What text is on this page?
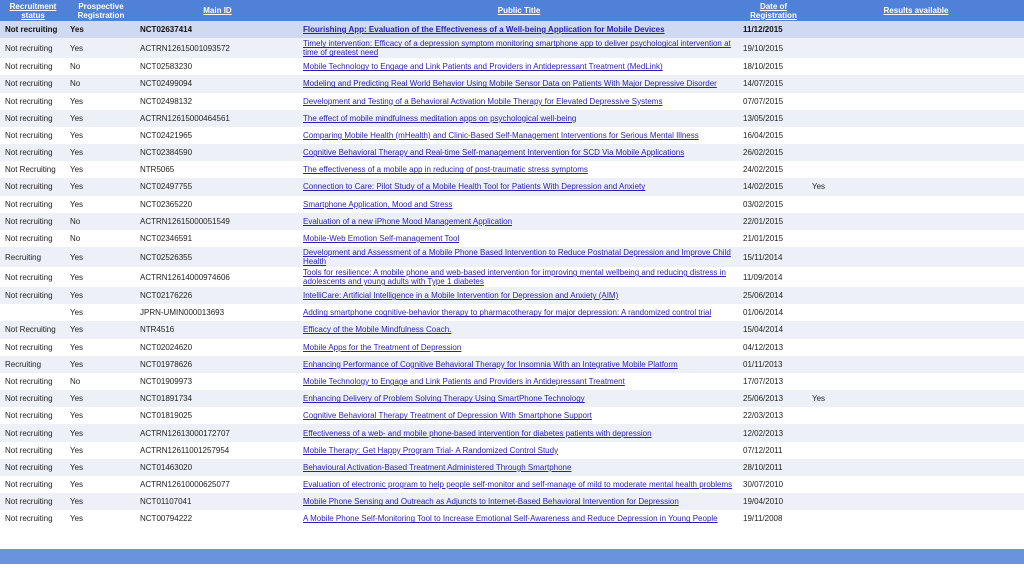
Recruitment status	Prospective Registration	Main ID	Public Title	Date of Registration	Results available
Not recruiting	Yes	NCT02637414	Flourishing App: Evaluation of the Effectiveness of a Well-being Application for Mobile Devices	11/12/2015	
Not recruiting	Yes	ACTRN12615001093572	Timely intervention: Efficacy of a depression symptom monitoring smartphone app to deliver psychological intervention at time of greatest need	19/10/2015	
Not recruiting	No	NCT02583230	Mobile Technology to Engage and Link Patients and Providers in Antidepressant Treatment (MedLink)	18/10/2015	
Not recruiting	No	NCT02499094	Modeling and Predicting Real World Behavior Using Mobile Sensor Data on Patients With Major Depressive Disorder	14/07/2015	
Not recruiting	Yes	NCT02498132	Development and Testing of a Behavioral Activation Mobile Therapy for Elevated Depressive Systems	07/07/2015	
Not recruiting	Yes	ACTRN12615000464561	The effect of mobile mindfulness meditation apps on psychological well-being	13/05/2015	
Not recruiting	Yes	NCT02421965	Comparing Mobile Health (mHealth) and Clinic-Based Self-Management Interventions for Serious Mental Illness	16/04/2015	
Not recruiting	Yes	NCT02384590	Cognitive Behavioral Therapy and Real-time Self-management Intervention for SCD Via Mobile Applications	26/02/2015	
Not Recruiting	Yes	NTR5065	The effectiveness of a mobile app in reducing of post-traumatic stress symptoms	24/02/2015	
Not recruiting	Yes	NCT02497755	Connection to Care: Pilot Study of a Mobile Health Tool for Patients With Depression and Anxiety	14/02/2015	Yes
Not recruiting	Yes	NCT02365220	Smartphone Application, Mood and Stress	03/02/2015	
Not recruiting	No	ACTRN12615000051549	Evaluation of a new iPhone Mood Management Application	22/01/2015	
Not recruiting	No	NCT02346591	Mobile-Web Emotion Self-management Tool	21/01/2015	
Recruiting	Yes	NCT02526355	Development and Assessment of a Mobile Phone Based Intervention to Reduce Postnatal Depression and Improve Child Health	15/11/2014	
Not recruiting	Yes	ACTRN12614000974606	Tools for resilience: A mobile phone and web-based intervention for improving mental wellbeing and reducing distress in adolescents and young adults with Type 1 diabetes	11/09/2014	
Not recruiting	Yes	NCT02176226	IntelliCare: Artificial Intelligence in a Mobile Intervention for Depression and Anxiety (AIM)	25/06/2014	
	Yes	JPRN-UMIN000013693	Adding smartphone cognitive-behavior therapy to pharmacotherapy for major depression: A randomized control trial	01/06/2014	
Not Recruiting	Yes	NTR4516	Efficacy of the Mobile Mindfulness Coach.	15/04/2014	
Not recruiting	Yes	NCT02024620	Mobile Apps for the Treatment of Depression	04/12/2013	
Recruiting	Yes	NCT01978626	Enhancing Performance of Cognitive Behavioral Therapy for Insomnia With an Integrative Mobile Platform	01/11/2013	
Not recruiting	No	NCT01909973	Mobile Technology to Engage and Link Patients and Providers in Antidepressant Treatment	17/07/2013	
Not recruiting	Yes	NCT01891734	Enhancing Delivery of Problem Solving Therapy Using SmartPhone Technology	25/06/2013	Yes
Not recruiting	Yes	NCT01819025	Cognitive Behavioral Therapy Treatment of Depression With Smartphone Support	22/03/2013	
Not recruiting	Yes	ACTRN12613000172707	Effectiveness of a web- and mobile phone-based intervention for diabetes patients with depression	12/02/2013	
Not recruiting	Yes	ACTRN12611001257954	Mobile Therapy: Get Happy Program Trial- A Randomized Control Study	07/12/2011	
Not recruiting	Yes	NCT01463020	Behavioural Activation-Based Treatment Administered Through Smartphone	28/10/2011	
Not recruiting	Yes	ACTRN12610000625077	Evaluation of electronic program to help people self-monitor and self-manage of mild to moderate mental health problems	30/07/2010	
Not recruiting	Yes	NCT01107041	Mobile Phone Sensing and Outreach as Adjuncts to Internet-Based Behavioral Intervention for Depression	19/04/2010	
Not recruiting	Yes	NCT00794222	A Mobile Phone Self-Monitoring Tool to Increase Emotional Self-Awareness and Reduce Depression in Young People	19/11/2008	
